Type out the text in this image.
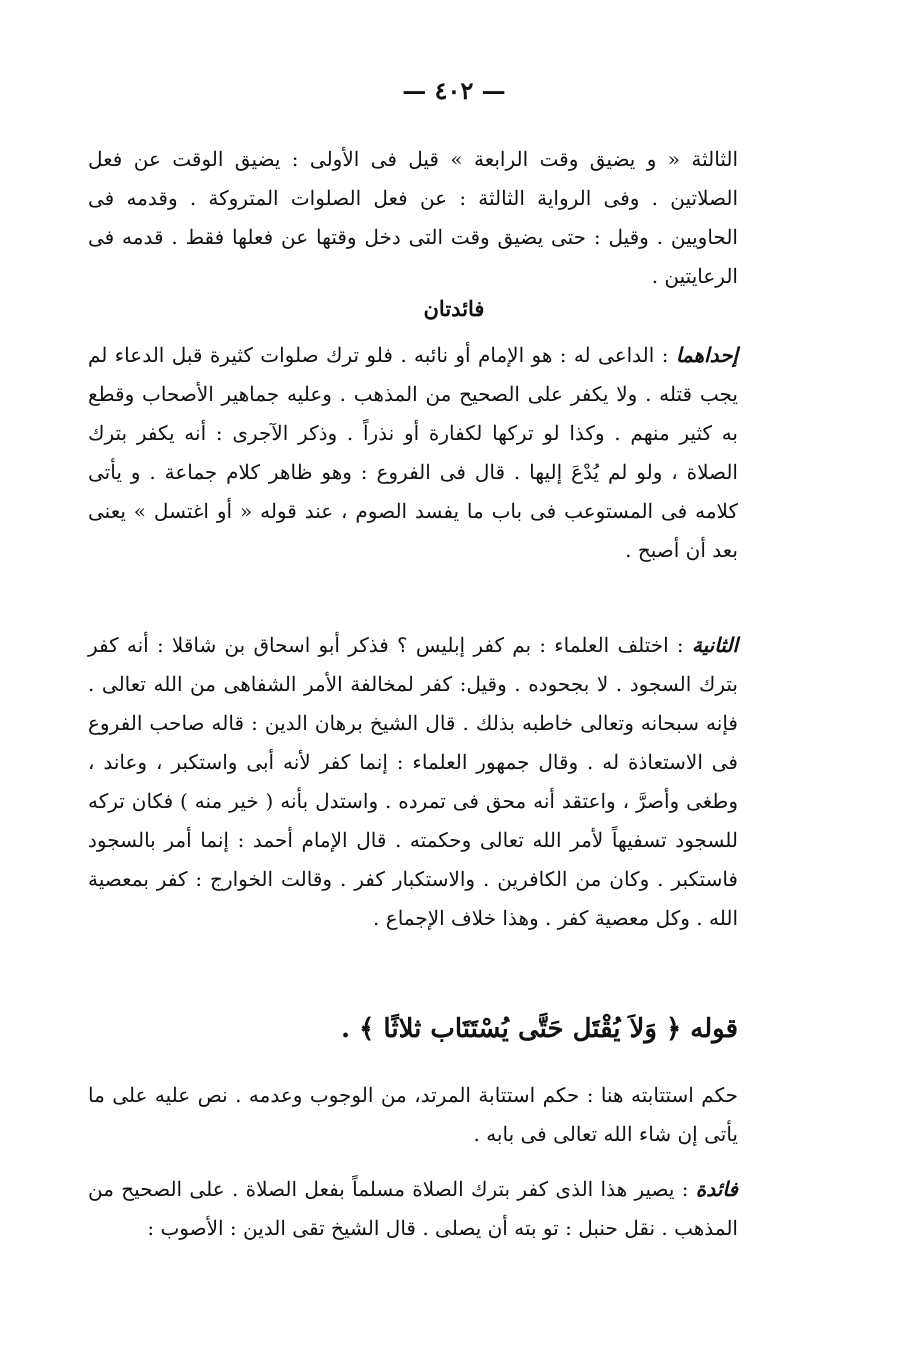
— ٤٠٢ —

الثالثة « و يضيق وقت الرابعة » قيل فى الأولى : يضيق الوقت عن فعل الصلاتين . وفى الرواية الثالثة : عن فعل الصلوات المتروكة . وقدمه فى الحاويين . وقيل : حتى يضيق وقت التى دخل وقتها عن فعلها فقط . قدمه فى الرعايتين .

فائدتان

إحداهما : الداعى له : هو الإمام أو نائبه . فلو ترك صلوات كثيرة قبل الدعاء لم يجب قتله . ولا يكفر على الصحيح من المذهب . وعليه جماهير الأصحاب وقطع به كثير منهم . وكذا لو تركها لكفارة أو نذراً . وذكر الآجرى : أنه يكفر بترك الصلاة ، ولو لم يُدْعَ إليها . قال فى الفروع : وهو ظاهر كلام جماعة . و يأتى كلامه فى المستوعب فى باب ما يفسد الصوم ، عند قوله « أو اغتسل » يعنى بعد أن أصبح .

الثانية : اختلف العلماء : بم كفر إبليس ؟ فذكر أبو اسحاق بن شاقلا : أنه كفر بترك السجود . لا بجحوده . وقيل: كفر لمخالفة الأمر الشفاهى من الله تعالى . فإنه سبحانه وتعالى خاطبه بذلك . قال الشيخ برهان الدين : قاله صاحب الفروع فى الاستعاذة له . وقال جمهور العلماء : إنما كفر لأنه أبى واستكبر ، وعاند ، وطغى وأصرَّ ، واعتقد أنه محق فى تمرده . واستدل بأنه ( خير منه ) فكان تركه للسجود تسفيهاً لأمر الله تعالى وحكمته . قال الإمام أحمد : إنما أمر بالسجود فاستكبر . وكان من الكافرين . والاستكبار كفر . وقالت الخوارج : كفر بمعصية الله . وكل معصية كفر . وهذا خلاف الإجماع .

قوله ﴿ وَلاَ يُقْتَل حَتَّى يُسْتَتَاب ثلاثًا ﴾ .

حكم استتابته هنا : حكم استتابة المرتد، من الوجوب وعدمه . نص عليه على ما يأتى إن شاء الله تعالى فى بابه .

فائدة : يصير هذا الذى كفر بترك الصلاة مسلماً بفعل الصلاة . على الصحيح من المذهب . نقل حنبل : تو بته أن يصلى . قال الشيخ تقى الدين : الأصوب :
